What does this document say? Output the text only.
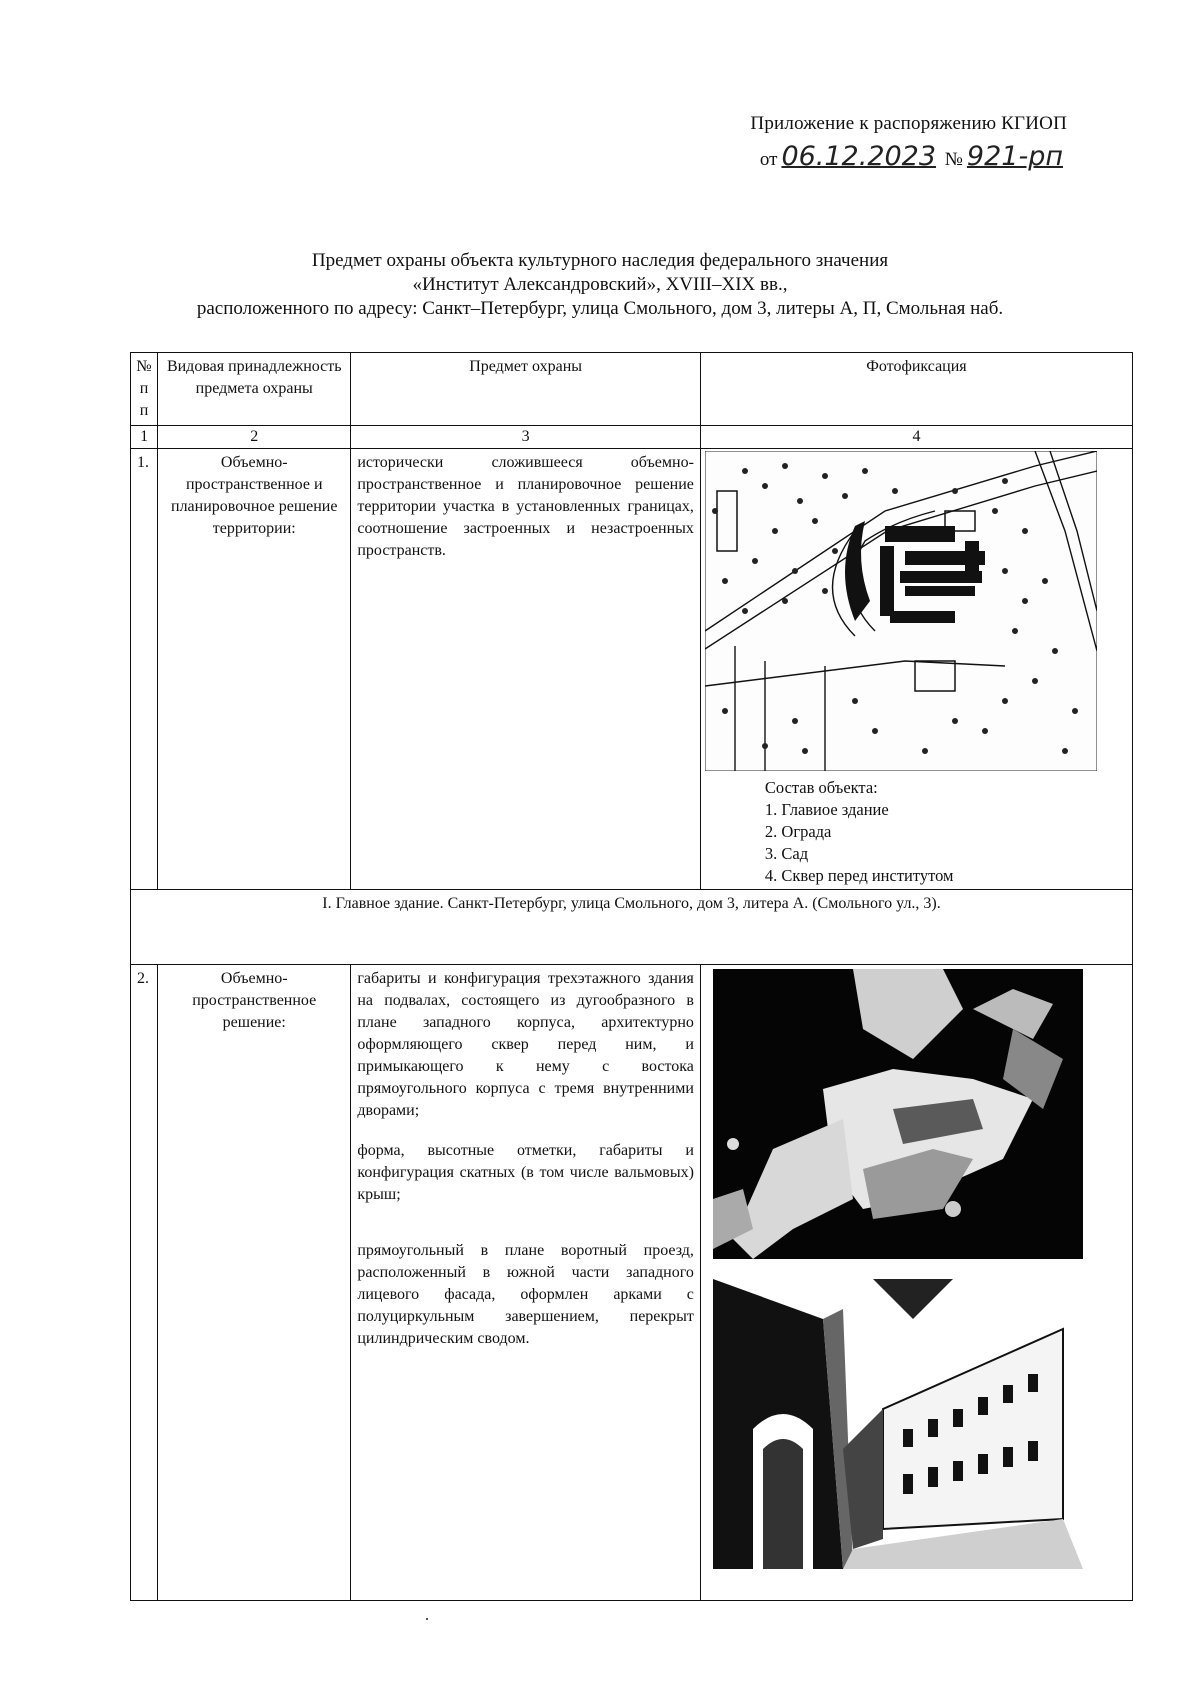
Приложение к распоряжению КГИОП
от 06.12.2023 № 921-рп
Предмет охраны объекта культурного наследия федерального значения
«Институт Александровский», XVIII–XIX вв.,
расположенного по адресу: Санкт–Петербург, улица Смольного, дом 3, литеры А, П, Смольная наб.
№
п
п	Видовая принадлежность предмета охраны	Предмет охраны	Фотофиксация
1	2	3	4
1.	Объемно-пространственное и планировочное решение территории:	исторически сложившееся объемно-пространственное и планировочное решение территории участка в установленных границах, соотношение застроенных и незастроенных пространств.	Состав объекта:
1. Главиое здание
2. Ограда
3. Сад
4. Сквер перед институтом

I. Главное здание. Санкт-Петербург, улица Смольного, дом 3, литера А. (Смольного ул., 3).			
2.	Объемно-пространственное решение:	габариты и конфигурация трехэтажного здания на подвалах, состоящего из дугообразного в плане западного корпуса, архитектурно оформляющего сквер перед ним, и примыкающего к нему с востока прямоугольного корпуса с тремя внутренними дворами;

форма, высотные отметки, габариты и конфигурация скатных (в том числе вальмовых) крыш;

прямоугольный в плане воротный проезд, расположенный в южной части западного лицевого фасада, оформлен арками с полуциркульным завершением, перекрыт цилиндрическим сводом.
